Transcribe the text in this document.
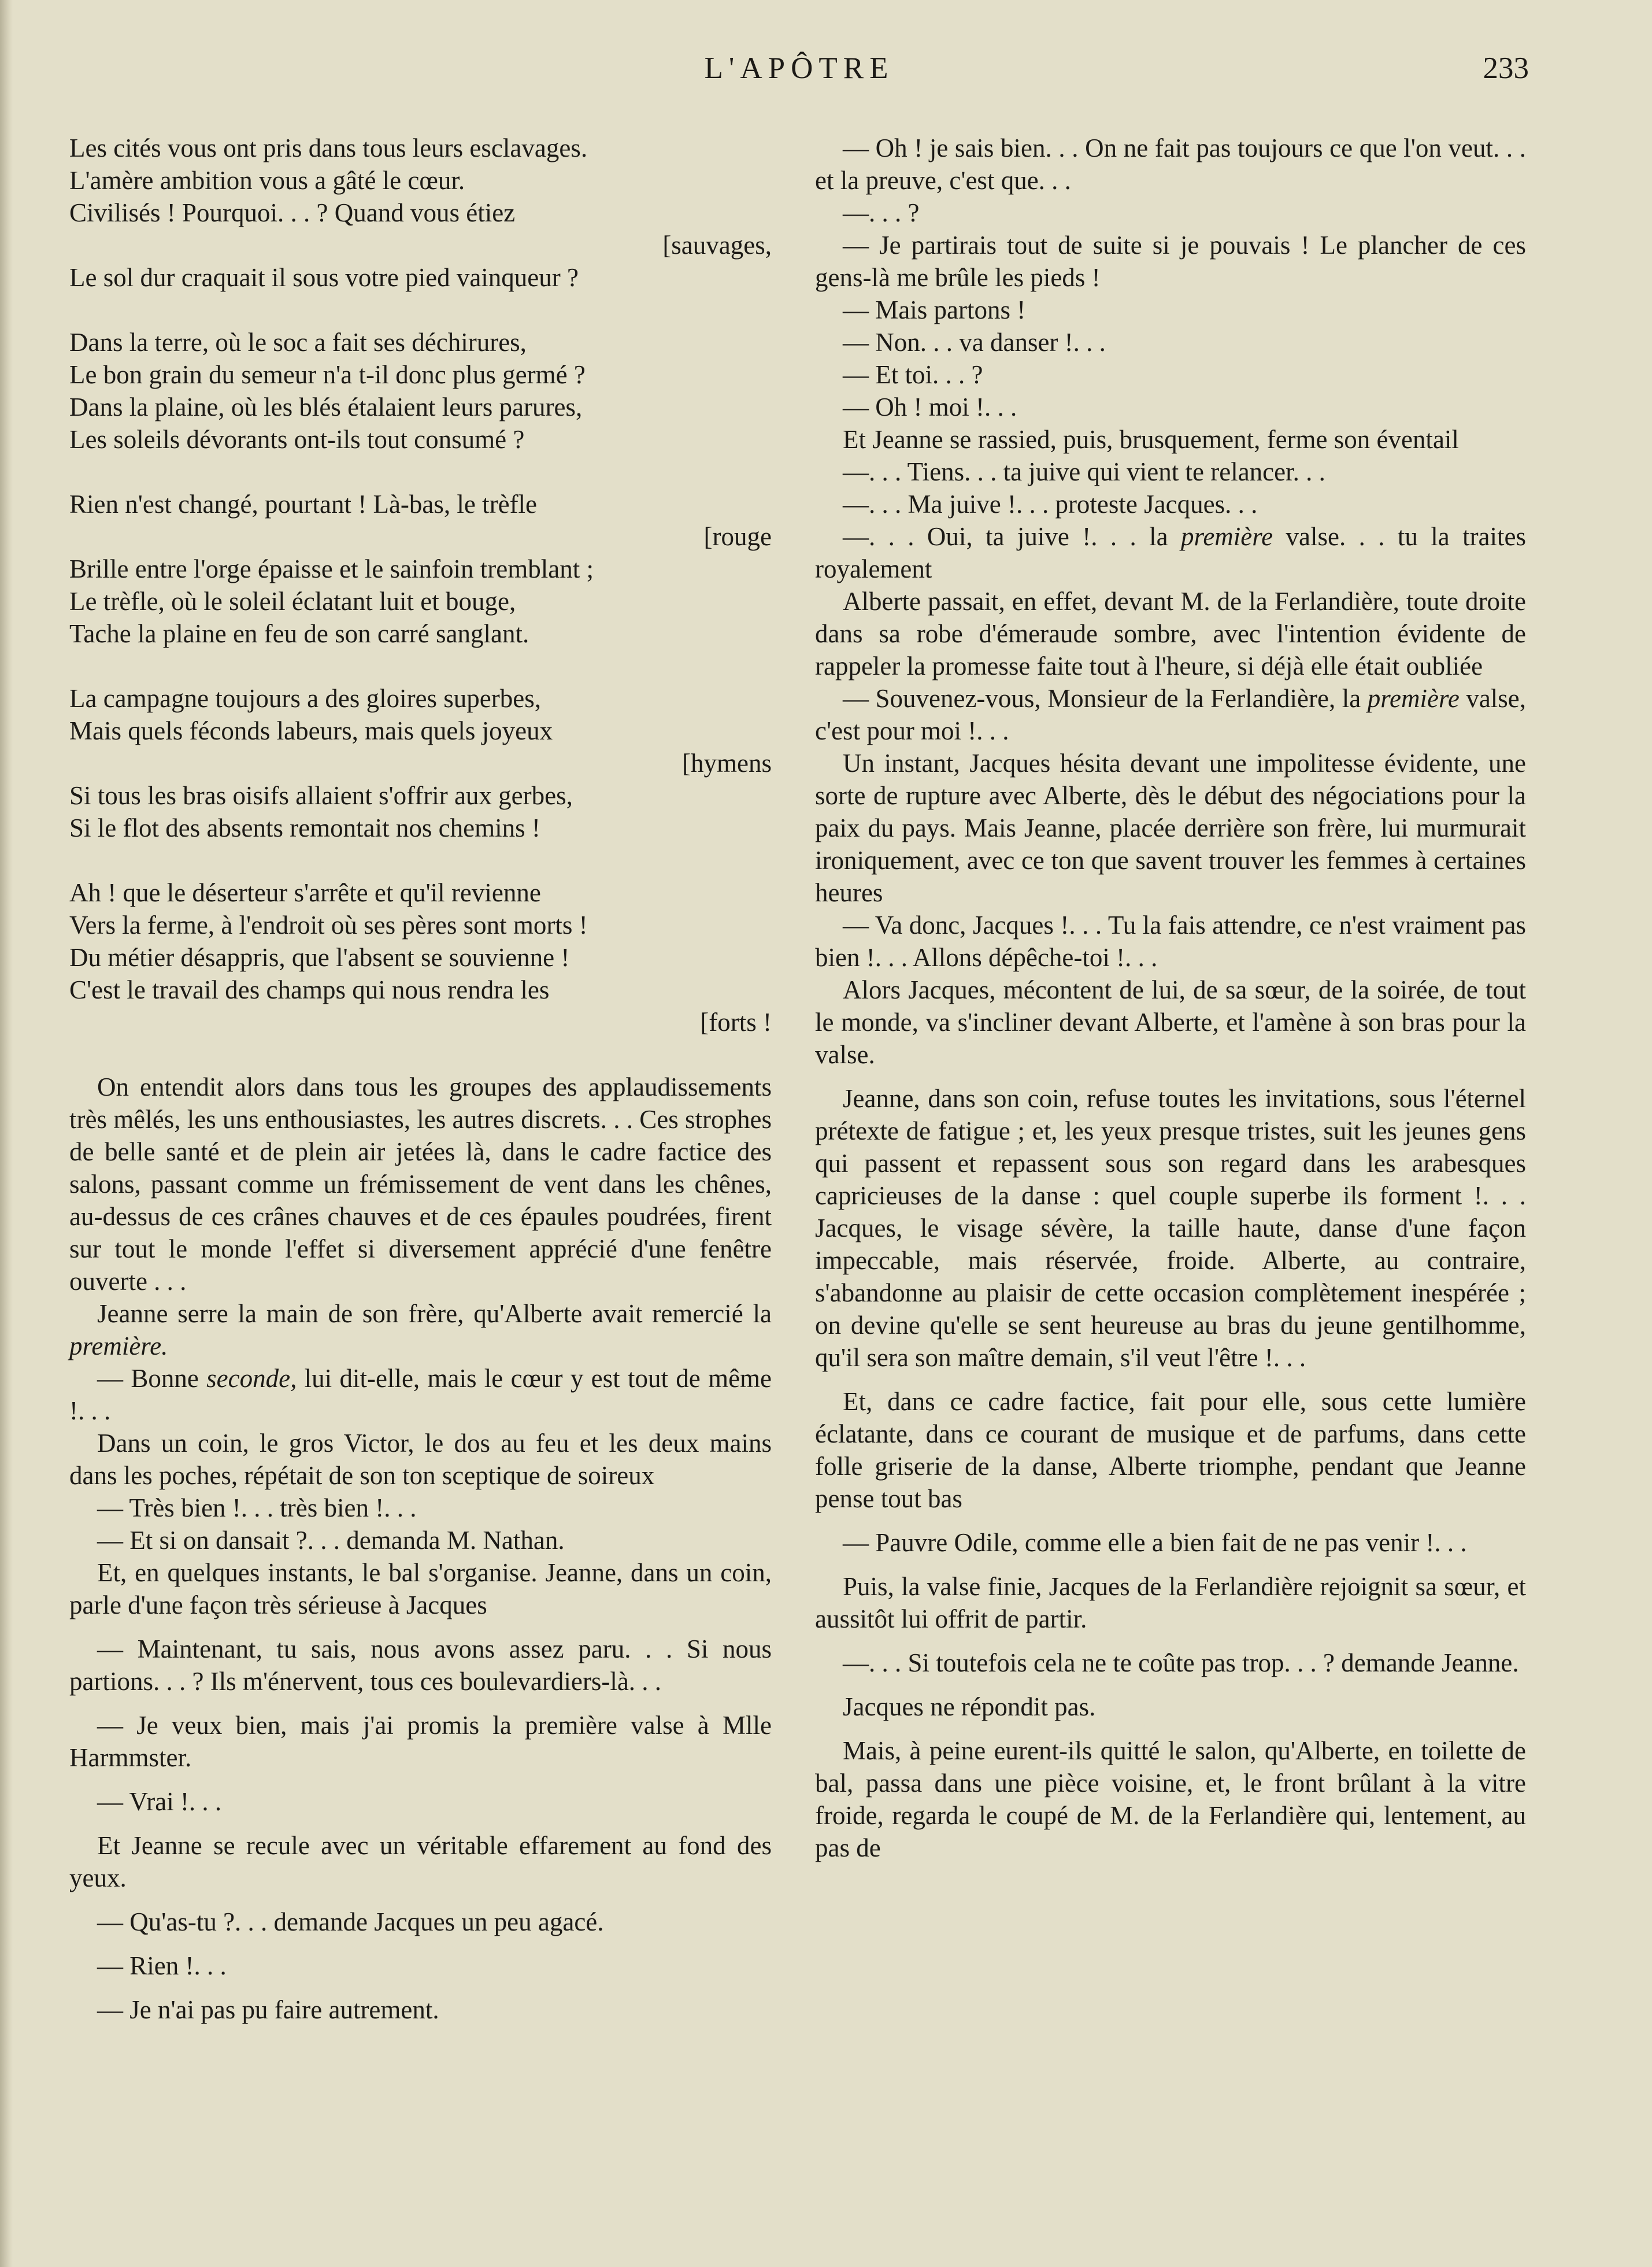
L'APÔTRE	233

Les cités vous ont pris dans tous leurs esclavages.

L'amère ambition vous a gâté le cœur.

Civilisés ! Pourquoi. . . ? Quand vous étiez

[sauvages,

Le sol dur craquait il sous votre pied vainqueur ?

Dans la terre, où le soc a fait ses déchirures,

Le bon grain du semeur n'a t-il donc plus germé ?

Dans la plaine, où les blés étalaient leurs parures,

Les soleils dévorants ont-ils tout consumé ?

Rien n'est changé, pourtant ! Là-bas, le trèfle

[rouge

Brille entre l'orge épaisse et le sainfoin tremblant ;

Le trèfle, où le soleil éclatant luit et bouge,

Tache la plaine en feu de son carré sanglant.

La campagne toujours a des gloires superbes,

Mais quels féconds labeurs, mais quels joyeux

[hymens

Si tous les bras oisifs allaient s'offrir aux gerbes,

Si le flot des absents remontait nos chemins !

Ah ! que le déserteur s'arrête et qu'il revienne

Vers la ferme, à l'endroit où ses pères sont morts !

Du métier désappris, que l'absent se souvienne !

C'est le travail des champs qui nous rendra les

[forts !

On entendit alors dans tous les groupes des applaudissements très mêlés, les uns enthousiastes, les autres discrets. . . Ces strophes de belle santé et de plein air jetées là, dans le cadre factice des salons, passant comme un frémissement de vent dans les chênes, au-dessus de ces crânes chauves et de ces épaules poudrées, firent sur tout le monde l'effet si diversement apprécié d'une fenêtre ouverte . . .

Jeanne serre la main de son frère, qu'Alberte avait remercié la première.

— Bonne seconde, lui dit-elle, mais le cœur y est tout de même !. . .

Dans un coin, le gros Victor, le dos au feu et les deux mains dans les poches, répétait de son ton sceptique de soireux

— Très bien !. . . très bien !. . .

— Et si on dansait ?. . . demanda M. Nathan.

Et, en quelques instants, le bal s'organise. Jeanne, dans un coin, parle d'une façon très sérieuse à Jacques

— Maintenant, tu sais, nous avons assez paru. . . Si nous partions. . . ? Ils m'énervent, tous ces boulevardiers-là. . .

— Je veux bien, mais j'ai promis la première valse à Mlle Harmmster.

— Vrai !. . .

Et Jeanne se recule avec un véritable effarement au fond des yeux.

— Qu'as-tu ?. . . demande Jacques un peu agacé.

— Rien !. . .

— Je n'ai pas pu faire autrement.

— Oh ! je sais bien. . . On ne fait pas toujours ce que l'on veut. . . et la preuve, c'est que. . .

—. . . ?

— Je partirais tout de suite si je pouvais ! Le plancher de ces gens-là me brûle les pieds !

— Mais partons !

— Non. . . va danser !. . .

— Et toi. . . ?

— Oh ! moi !. . .

Et Jeanne se rassied, puis, brusquement, ferme son éventail

—. . . Tiens. . . ta juive qui vient te relancer. . .

—. . . Ma juive !. . . proteste Jacques. . .

—. . . Oui, ta juive !. . . la première valse. . . tu la traites royalement

Alberte passait, en effet, devant M. de la Ferlandière, toute droite dans sa robe d'émeraude sombre, avec l'intention évidente de rappeler la promesse faite tout à l'heure, si déjà elle était oubliée

— Souvenez-vous, Monsieur de la Ferlandière, la première valse, c'est pour moi !. . .

Un instant, Jacques hésita devant une impolitesse évidente, une sorte de rupture avec Alberte, dès le début des négociations pour la paix du pays. Mais Jeanne, placée derrière son frère, lui murmurait ironiquement, avec ce ton que savent trouver les femmes à certaines heures

— Va donc, Jacques !. . . Tu la fais attendre, ce n'est vraiment pas bien !. . . Allons dépêche-toi !. . .

Alors Jacques, mécontent de lui, de sa sœur, de la soirée, de tout le monde, va s'incliner devant Alberte, et l'amène à son bras pour la valse.

Jeanne, dans son coin, refuse toutes les invitations, sous l'éternel prétexte de fatigue ; et, les yeux presque tristes, suit les jeunes gens qui passent et repassent sous son regard dans les arabesques capricieuses de la danse : quel couple superbe ils forment !. . . Jacques, le visage sévère, la taille haute, danse d'une façon impeccable, mais réservée, froide. Alberte, au contraire, s'abandonne au plaisir de cette occasion complètement inespérée ; on devine qu'elle se sent heureuse au bras du jeune gentilhomme, qu'il sera son maître demain, s'il veut l'être !. . .

Et, dans ce cadre factice, fait pour elle, sous cette lumière éclatante, dans ce courant de musique et de parfums, dans cette folle griserie de la danse, Alberte triomphe, pendant que Jeanne pense tout bas

— Pauvre Odile, comme elle a bien fait de ne pas venir !. . .

Puis, la valse finie, Jacques de la Ferlandière rejoignit sa sœur, et aussitôt lui offrit de partir.

—. . . Si toutefois cela ne te coûte pas trop. . . ? demande Jeanne.

Jacques ne répondit pas.

Mais, à peine eurent-ils quitté le salon, qu'Alberte, en toilette de bal, passa dans une pièce voisine, et, le front brûlant à la vitre froide, regarda le coupé de M. de la Ferlandière qui, lentement, au pas de
